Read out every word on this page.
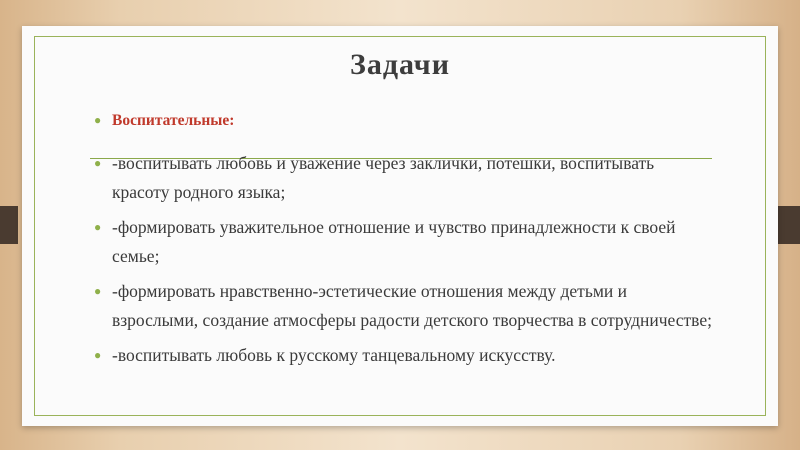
Задачи
● Воспитательные:
● -воспитывать любовь и уважение через заклички, потешки, воспитывать красоту родного языка;
● -формировать уважительное отношение и чувство принадлежности к своей семье;
● -формировать нравственно-эстетические отношения между детьми и взрослыми, создание атмосферы радости детского творчества в сотрудничестве;
● -воспитывать любовь к русскому танцевальному искусству.
